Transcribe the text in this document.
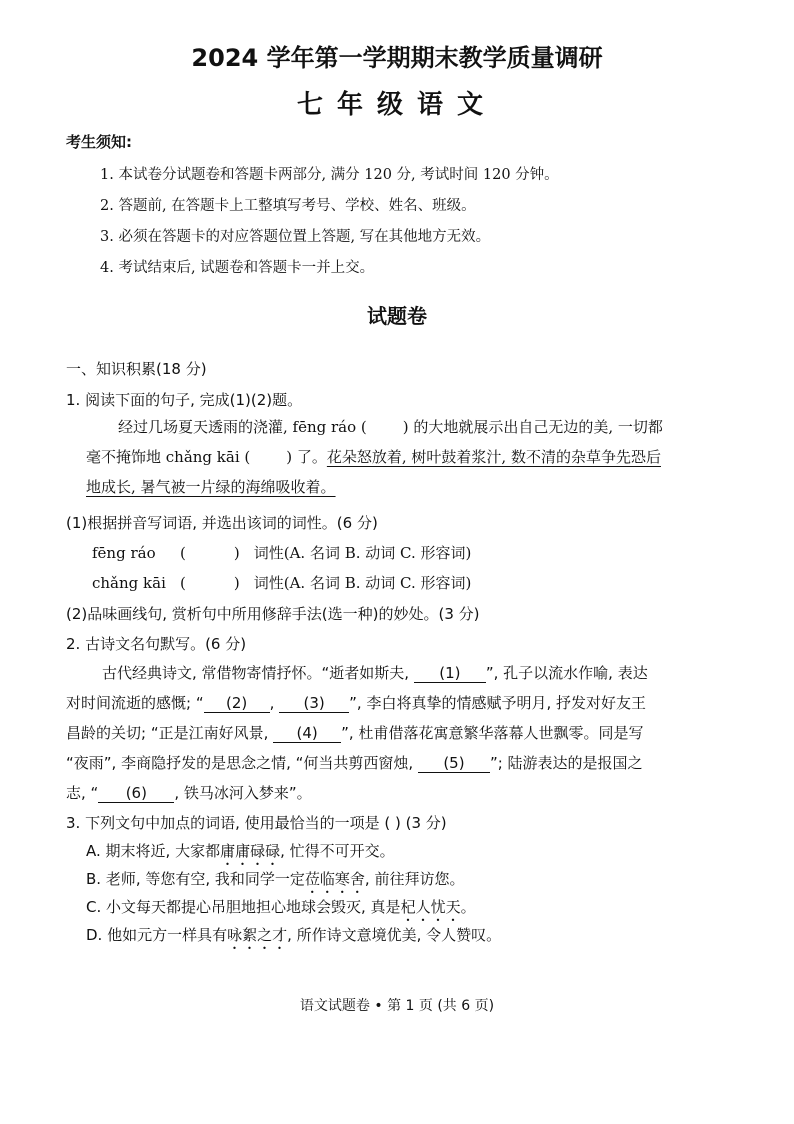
2024 学年第一学期期末教学质量调研
七年级语文
考生须知:
1. 本试卷分试题卷和答题卡两部分, 满分 120 分, 考试时间 120 分钟。
2. 答题前, 在答题卡上工整填写考号、学校、姓名、班级。
3. 必须在答题卡的对应答题位置上答题, 写在其他地方无效。
4. 考试结束后, 试题卷和答题卡一并上交。
试题卷
一、知识积累(18 分)
1. 阅读下面的句子, 完成(1)(2)题。
经过几场夏天透雨的浇灌, fēng ráo ( ) 的大地就展示出自己无边的美, 一切都
毫不掩饰地 chǎng kāi ( ) 了。花朵怒放着, 树叶鼓着浆汁, 数不清的杂草争先恐后
地成长, 暑气被一片绿的海绵吸收着。
(1)根据拼音写词语, 并选出该词的词性。(6 分)
fēng ráo (	) 词性(A. 名词 B. 动词 C. 形容词)
chǎng kāi (	) 词性(A. 名词 B. 动词 C. 形容词)
(2)品味画线句, 赏析句中所用修辞手法(选一种)的妙处。(3 分)
2. 古诗文名句默写。(6 分)
古代经典诗文, 常借物寄情抒怀。“逝者如斯夫, (1) ”, 孔子以流水作喻, 表达
对时间流逝的感慨; “ (2) , (3) ”, 李白将真挚的情感赋予明月, 抒发对好友王
昌龄的关切; “正是江南好风景, (4) ”, 杜甫借落花寓意繁华落幕人世飘零。同是写
“夜雨”, 李商隐抒发的是思念之情, “何当共剪西窗烛, (5) ”; 陆游表达的是报国之
志, “ (6) , 铁马冰河入梦来”。
3. 下列文句中加点的词语, 使用最恰当的一项是 ( ) (3 分)
A. 期末将近, 大家都庸庸碌碌, 忙得不可开交。
B. 老师, 等您有空, 我和同学一定莅临寒舍, 前往拜访您。
C. 小文每天都提心吊胆地担心地球会毁灭, 真是杞人忧天。
D. 他如元方一样具有咏絮之才, 所作诗文意境优美, 令人赞叹。
语文试题卷 • 第 1 页 (共 6 页)
